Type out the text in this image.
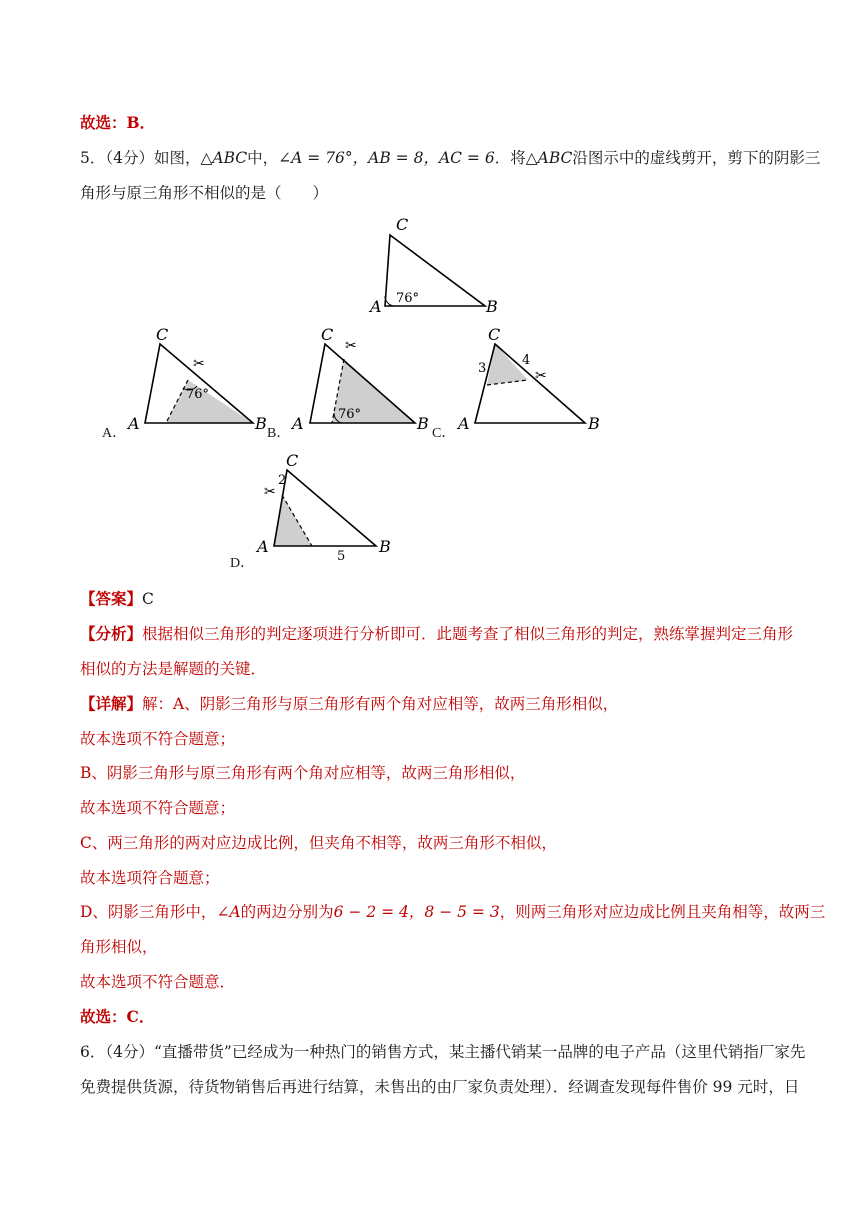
故选：B．
5．（4分）如图，△ABC中，∠A = 76°，AB = 8，AC = 6．将△ABC沿图示中的虚线剪开，剪下的阴影三
角形与原三角形不相似的是（　　）
C
A	B
76°
76°
✂
C
A	B
A．
76°
✂
C
A	B
B．
✂
3
4
C
A	B
C．
✂
2
5
C
A	B
D．
【答案】C
【分析】根据相似三角形的判定逐项进行分析即可．此题考查了相似三角形的判定，熟练掌握判定三角形
相似的方法是解题的关键．
【详解】解：A、阴影三角形与原三角形有两个角对应相等，故两三角形相似，
故本选项不符合题意；
B、阴影三角形与原三角形有两个角对应相等，故两三角形相似，
故本选项不符合题意；
C、两三角形的两对应边成比例，但夹角不相等，故两三角形不相似，
故本选项符合题意；
D、阴影三角形中，∠A的两边分别为6 − 2 = 4，8 − 5 = 3，则两三角形对应边成比例且夹角相等，故两三
角形相似，
故本选项不符合题意．
故选：C．
6．（4分）“直播带货”已经成为一种热门的销售方式，某主播代销某一品牌的电子产品（这里代销指厂家先
免费提供货源，待货物销售后再进行结算，未售出的由厂家负责处理）．经调查发现每件售价 99 元时，日
